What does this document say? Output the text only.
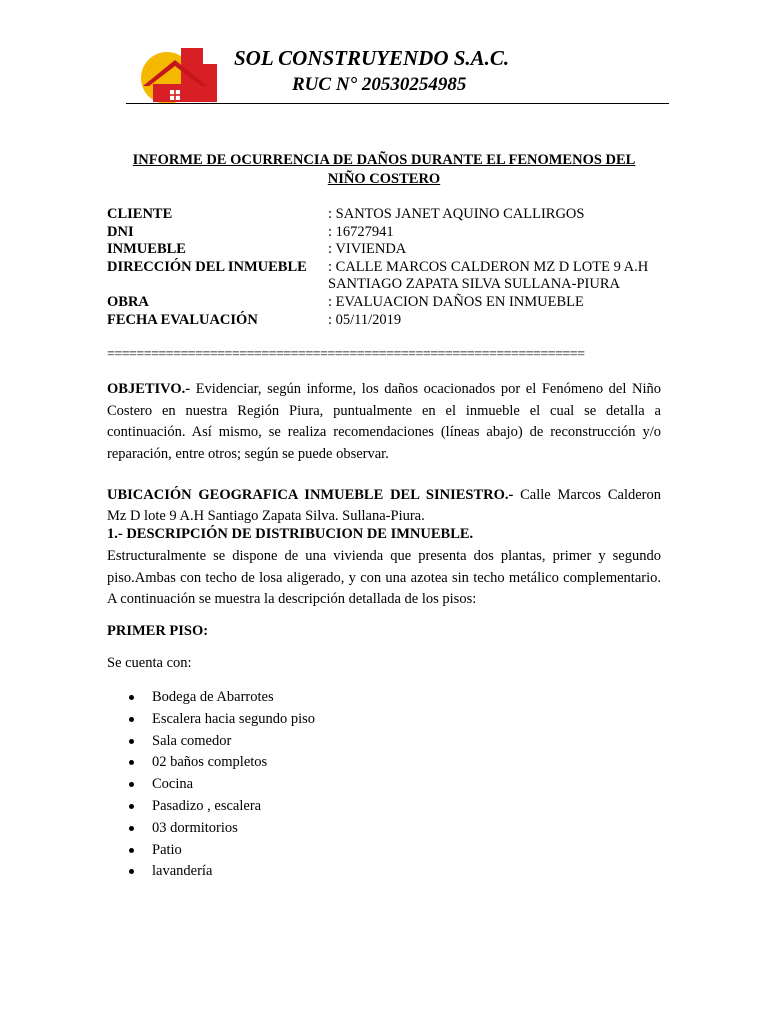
SOL CONSTRUYENDO S.A.C.
RUC N° 20530254985
INFORME DE OCURRENCIA DE DAÑOS DURANTE EL FENOMENOS DEL
NIÑO COSTERO
CLIENTE	: SANTOS JANET AQUINO CALLIRGOS
DNI	: 16727941
INMUEBLE	: VIVIENDA
DIRECCIÓN DEL INMUEBLE	: CALLE MARCOS CALDERON MZ D LOTE 9 A.H
SANTIAGO ZAPATA SILVA SULLANA-PIURA
OBRA	: EVALUACION DAÑOS EN INMUEBLE
FECHA EVALUACIÓN	: 05/11/2019
=================================================================
OBJETIVO.- Evidenciar, según informe, los daños ocacionados por el Fenómeno del Niño Costero en nuestra Región Piura, puntualmente en el inmueble el cual se detalla a continuación. Así mismo, se realiza recomendaciones (líneas abajo) de reconstrucción y/o reparación, entre otros; según se puede observar.
UBICACIÓN GEOGRAFICA INMUEBLE DEL SINIESTRO.- Calle Marcos Calderon Mz D lote 9 A.H Santiago Zapata Silva. Sullana-Piura.
1.- DESCRIPCIÓN DE DISTRIBUCION DE IMNUEBLE.
Estructuralmente se dispone de una vivienda que presenta dos plantas, primer y segundo piso.Ambas con techo de losa aligerado, y con una azotea sin techo metálico complementario. A continuación se muestra la descripción detallada de los pisos:
PRIMER PISO:
Se cuenta con:
Bodega de Abarrotes
Escalera hacia segundo piso
Sala comedor
02 baños completos
Cocina
Pasadizo , escalera
03 dormitorios
Patio
lavandería
